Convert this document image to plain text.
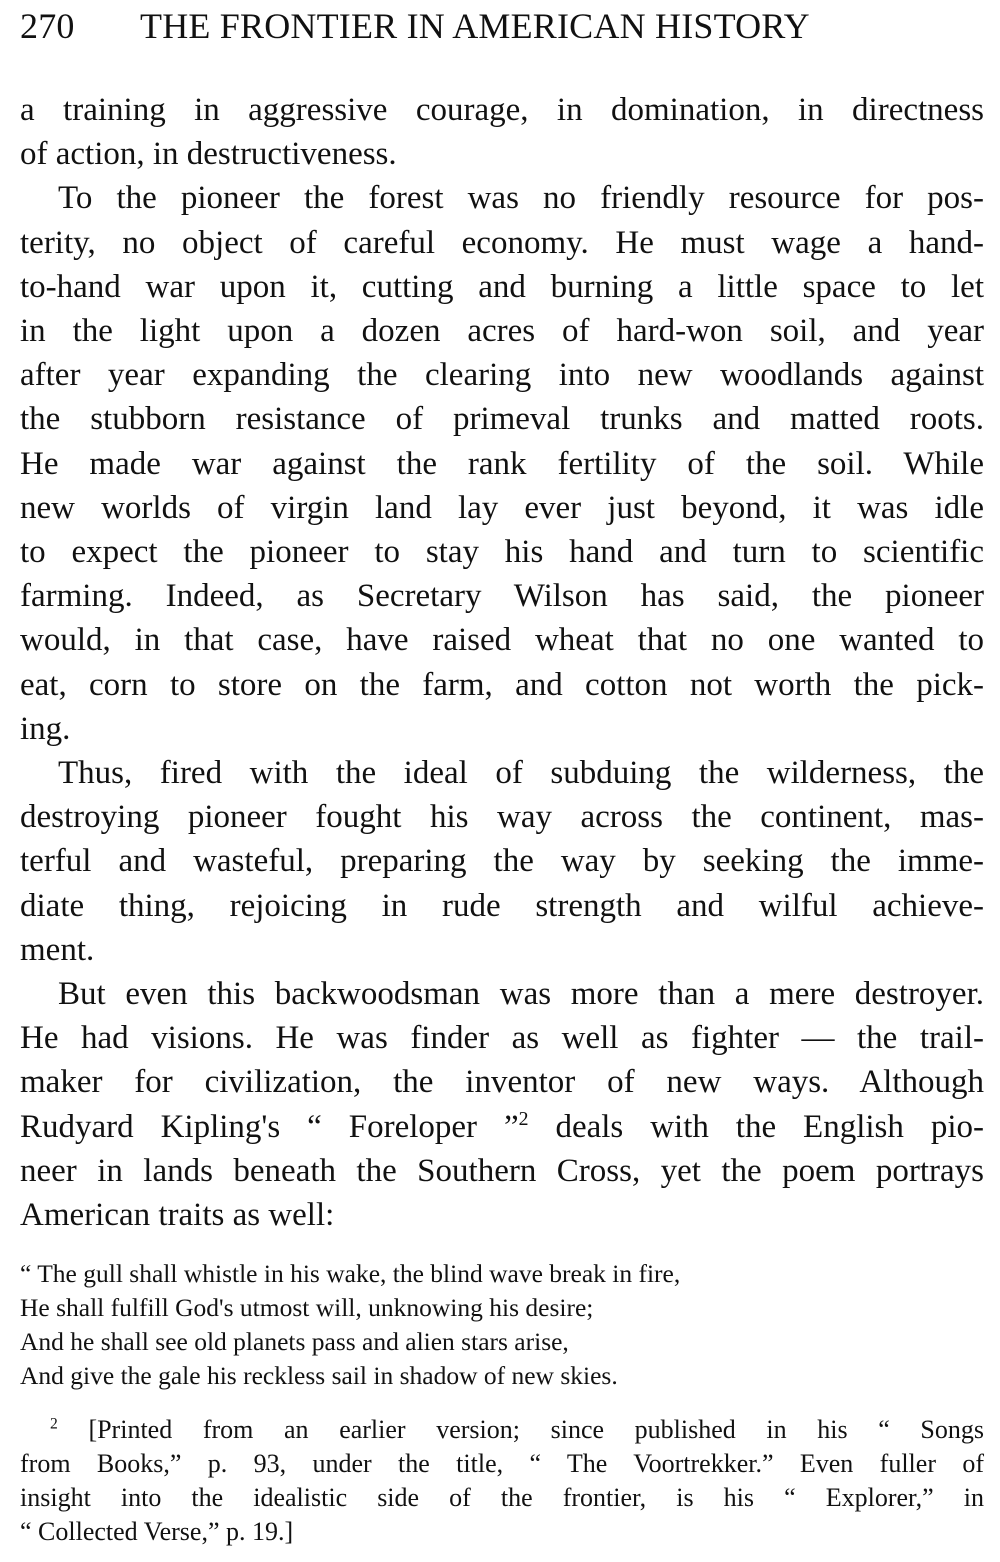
270 THE FRONTIER IN AMERICAN HISTORY

a training in aggressive courage, in domination, in directness
of action, in destructiveness.

To the pioneer the forest was no friendly resource for pos-
terity, no object of careful economy. He must wage a hand-
to-hand war upon it, cutting and burning a little space to let
in the light upon a dozen acres of hard-won soil, and year
after year expanding the clearing into new woodlands against
the stubborn resistance of primeval trunks and matted roots.
He made war against the rank fertility of the soil. While
new worlds of virgin land lay ever just beyond, it was idle
to expect the pioneer to stay his hand and turn to scientific
farming. Indeed, as Secretary Wilson has said, the pioneer
would, in that case, have raised wheat that no one wanted to
eat, corn to store on the farm, and cotton not worth the pick-
ing.

Thus, fired with the ideal of subduing the wilderness, the
destroying pioneer fought his way across the continent, mas-
terful and wasteful, preparing the way by seeking the imme-
diate thing, rejoicing in rude strength and wilful achieve-
ment.

But even this backwoodsman was more than a mere destroyer.
He had visions. He was finder as well as fighter — the trail-
maker for civilization, the inventor of new ways. Although
Rudyard Kipling's “ Foreloper ”$^2$ deals with the English pio-
neer in lands beneath the Southern Cross, yet the poem portrays
American traits as well:

“ The gull shall whistle in his wake, the blind wave break in fire,
He shall fulfill God's utmost will, unknowing his desire;
And he shall see old planets pass and alien stars arise,
And give the gale his reckless sail in shadow of new skies.
$^2$ [Printed from an earlier version; since published in his “ Songs
from Books,” p. 93, under the title, “ The Voortrekker.” Even fuller of
insight into the idealistic side of the frontier, is his “ Explorer,” in
“ Collected Verse,” p. 19.]
